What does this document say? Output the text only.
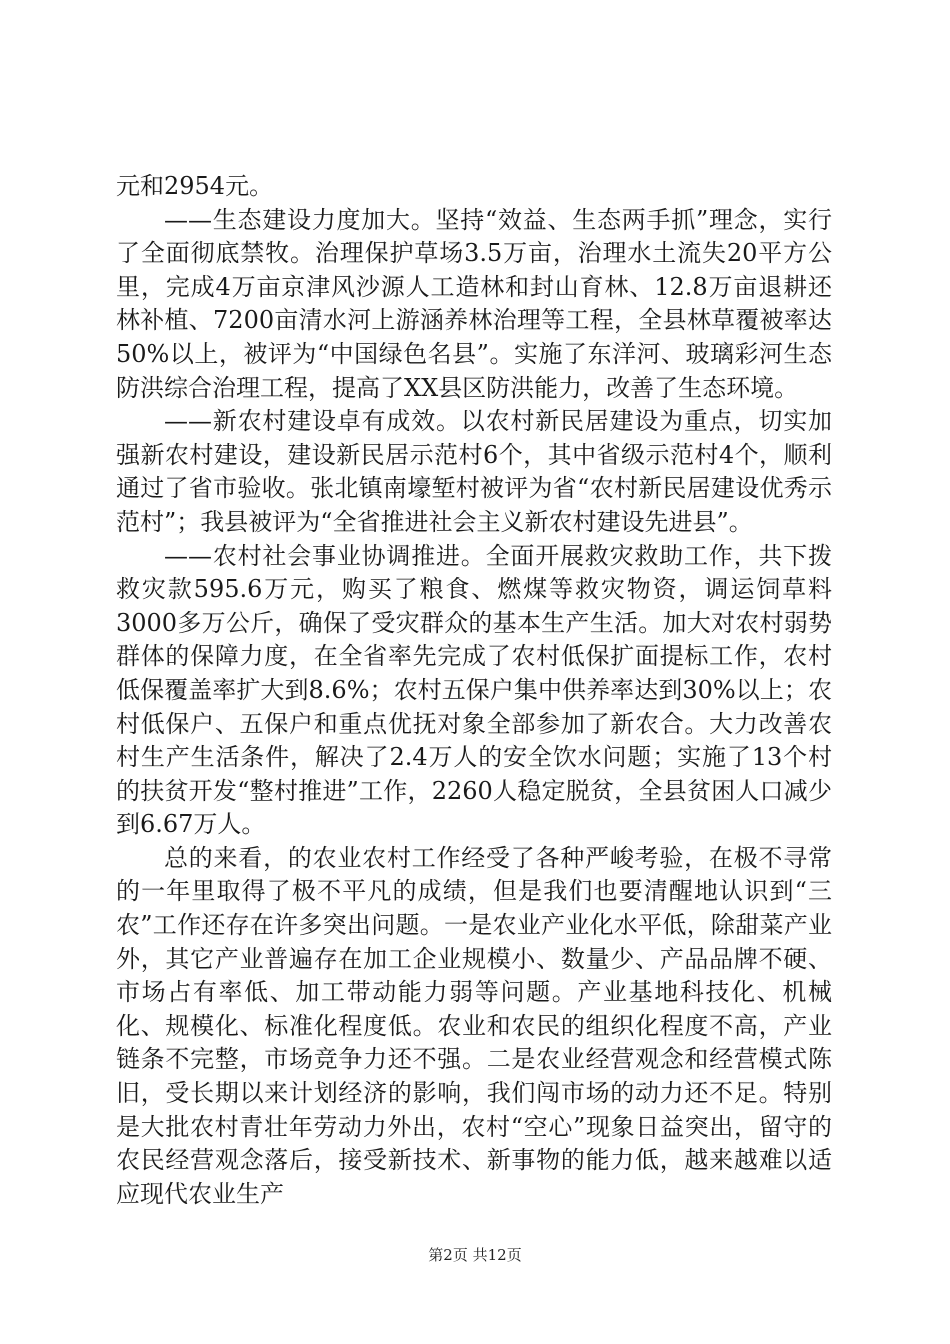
元和2954元。

——生态建设力度加大。坚持“效益、生态两手抓”理念，实行了全面彻底禁牧。治理保护草场3.5万亩，治理水土流失20平方公里，完成4万亩京津风沙源人工造林和封山育林、12.8万亩退耕还林补植、7200亩清水河上游涵养林治理等工程，全县林草覆被率达50%以上，被评为“中国绿色名县”。实施了东洋河、玻璃彩河生态防洪综合治理工程，提高了XX县区防洪能力，改善了生态环境。

——新农村建设卓有成效。以农村新民居建设为重点，切实加强新农村建设，建设新民居示范村6个，其中省级示范村4个，顺利通过了省市验收。张北镇南壕堑村被评为省“农村新民居建设优秀示范村”；我县被评为“全省推进社会主义新农村建设先进县”。

——农村社会事业协调推进。全面开展救灾救助工作，共下拨救灾款595.6万元，购买了粮食、燃煤等救灾物资，调运饲草料3000多万公斤，确保了受灾群众的基本生产生活。加大对农村弱势群体的保障力度，在全省率先完成了农村低保扩面提标工作，农村低保覆盖率扩大到8.6%；农村五保户集中供养率达到30%以上；农村低保户、五保户和重点优抚对象全部参加了新农合。大力改善农村生产生活条件，解决了2.4万人的安全饮水问题；实施了13个村的扶贫开发“整村推进”工作，2260人稳定脱贫，全县贫困人口减少到6.67万人。

总的来看，的农业农村工作经受了各种严峻考验，在极不寻常的一年里取得了极不平凡的成绩，但是我们也要清醒地认识到“三农”工作还存在许多突出问题。一是农业产业化水平低，除甜菜产业外，其它产业普遍存在加工企业规模小、数量少、产品品牌不硬、市场占有率低、加工带动能力弱等问题。产业基地科技化、机械化、规模化、标准化程度低。农业和农民的组织化程度不高，产业链条不完整，市场竞争力还不强。二是农业经营观念和经营模式陈旧，受长期以来计划经济的影响，我们闯市场的动力还不足。特别是大批农村青壮年劳动力外出，农村“空心”现象日益突出，留守的农民经营观念落后，接受新技术、新事物的能力低，越来越难以适应现代农业生产

第2页 共12页
